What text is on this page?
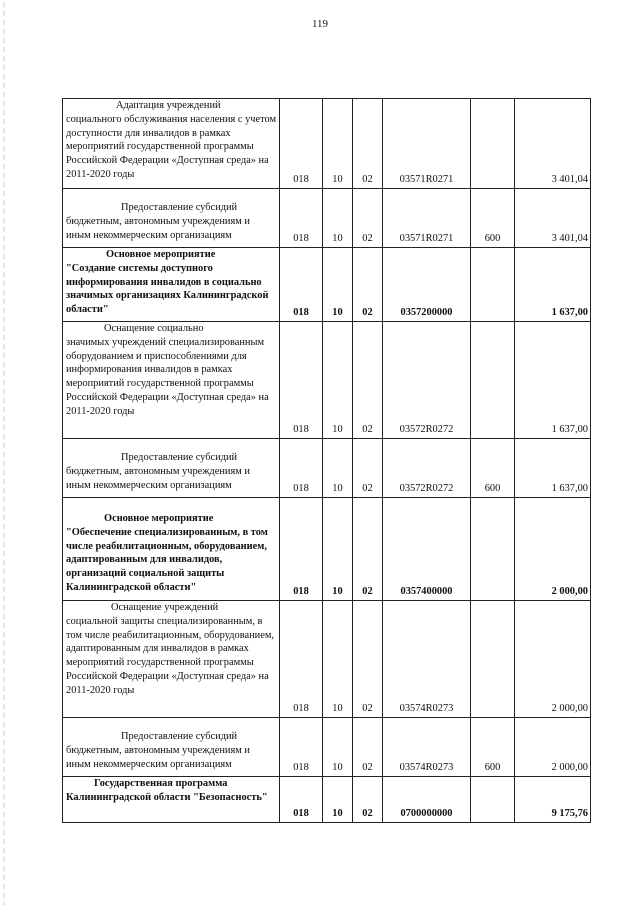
119
Адаптация учреждений
социального обслуживания населения с учетом доступности для инвалидов в рамках мероприятий государственной программы Российской Федерации «Доступная среда» на 2011-2020 годы	018	10	02	03571R0271		3 401,04
Предоставление субсидий
бюджетным, автономным учреждениям и иным некоммерческим организациям	018	10	02	03571R0271	600	3 401,04
Основное мероприятие
"Создание системы доступного информирования инвалидов в социально значимых организациях Калининградской области"	018	10	02	0357200000		1 637,00
Оснащение социально
значимых учреждений специализированным оборудованием и приспособлениями для информирования инвалидов в рамках мероприятий государственной программы Российской Федерации «Доступная среда» на 2011-2020 годы	018	10	02	03572R0272		1 637,00
Предоставление субсидий
бюджетным, автономным учреждениям и иным некоммерческим организациям	018	10	02	03572R0272	600	1 637,00
Основное мероприятие
"Обеспечение специализированным, в том числе реабилитационным, оборудованием, адаптированным для инвалидов, организаций социальной защиты Калининградской области"	018	10	02	0357400000		2 000,00
Оснащение учреждений
социальной защиты специализированным, в том числе реабилитационным, оборудованием, адаптированным для инвалидов в рамках мероприятий государственной программы Российской Федерации «Доступная среда» на 2011-2020 годы	018	10	02	03574R0273		2 000,00
Предоставление субсидий
бюджетным, автономным учреждениям и иным некоммерческим организациям	018	10	02	03574R0273	600	2 000,00
Государственная программа
Калининградской области "Безопасность"	018	10	02	0700000000		9 175,76
